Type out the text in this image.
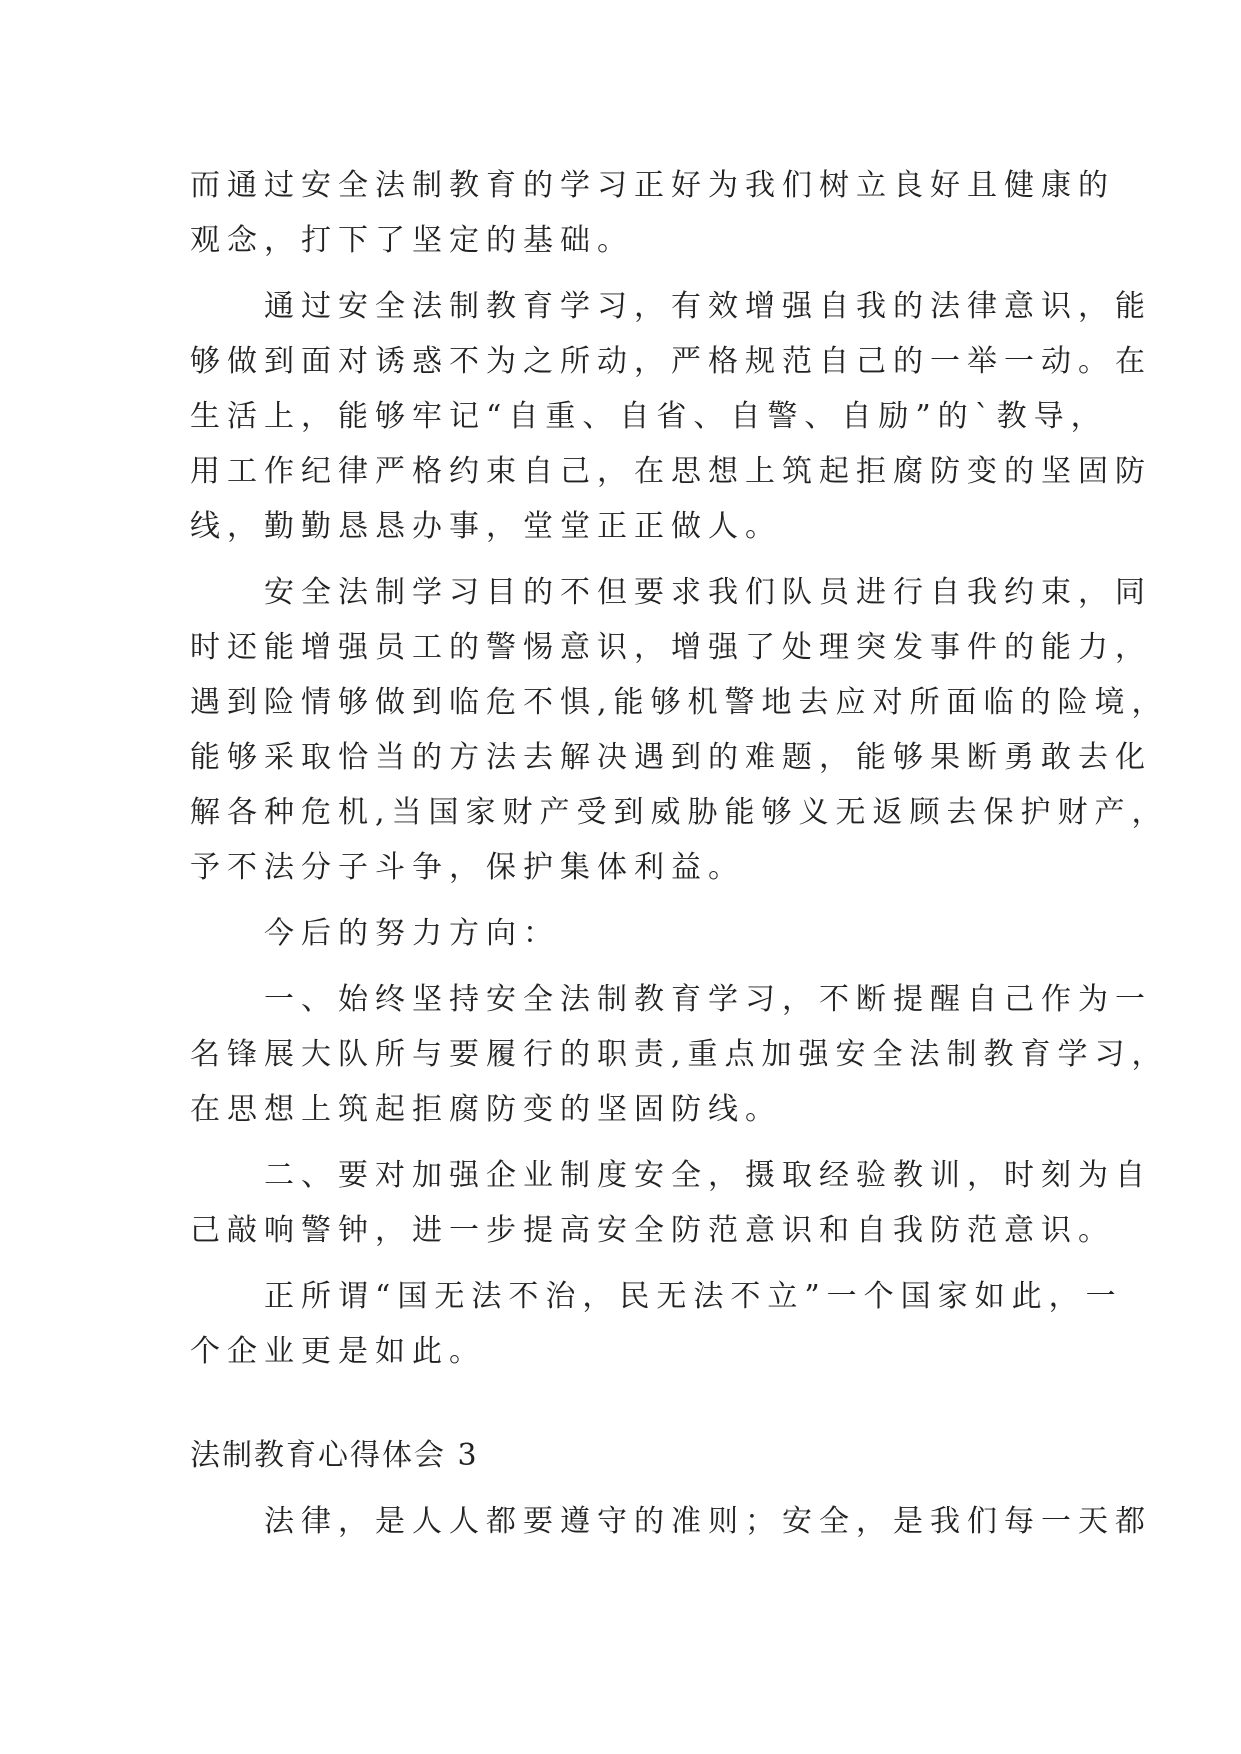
而通过安全法制教育的学习正好为我们树立良好且健康的
观念，打下了坚定的基础。
　　通过安全法制教育学习，有效增强自我的法律意识，能
够做到面对诱惑不为之所动，严格规范自己的一举一动。在
生活上，能够牢记“自重、自省、自警、自励”的`教导，
用工作纪律严格约束自己，在思想上筑起拒腐防变的坚固防
线，勤勤恳恳办事，堂堂正正做人。
　　安全法制学习目的不但要求我们队员进行自我约束，同
时还能增强员工的警惕意识，增强了处理突发事件的能力，
遇到险情够做到临危不惧,能够机警地去应对所面临的险境，
能够采取恰当的方法去解决遇到的难题，能够果断勇敢去化
解各种危机,当国家财产受到威胁能够义无返顾去保护财产，
予不法分子斗争，保护集体利益。
　　今后的努力方向：
　　一、始终坚持安全法制教育学习，不断提醒自己作为一
名锋展大队所与要履行的职责,重点加强安全法制教育学习，
在思想上筑起拒腐防变的坚固防线。
　　二、要对加强企业制度安全，摄取经验教训，时刻为自
己敲响警钟，进一步提高安全防范意识和自我防范意识。
　　正所谓“国无法不治，民无法不立”一个国家如此，一
个企业更是如此。
法制教育心得体会 3
　　法律，是人人都要遵守的准则；安全，是我们每一天都
